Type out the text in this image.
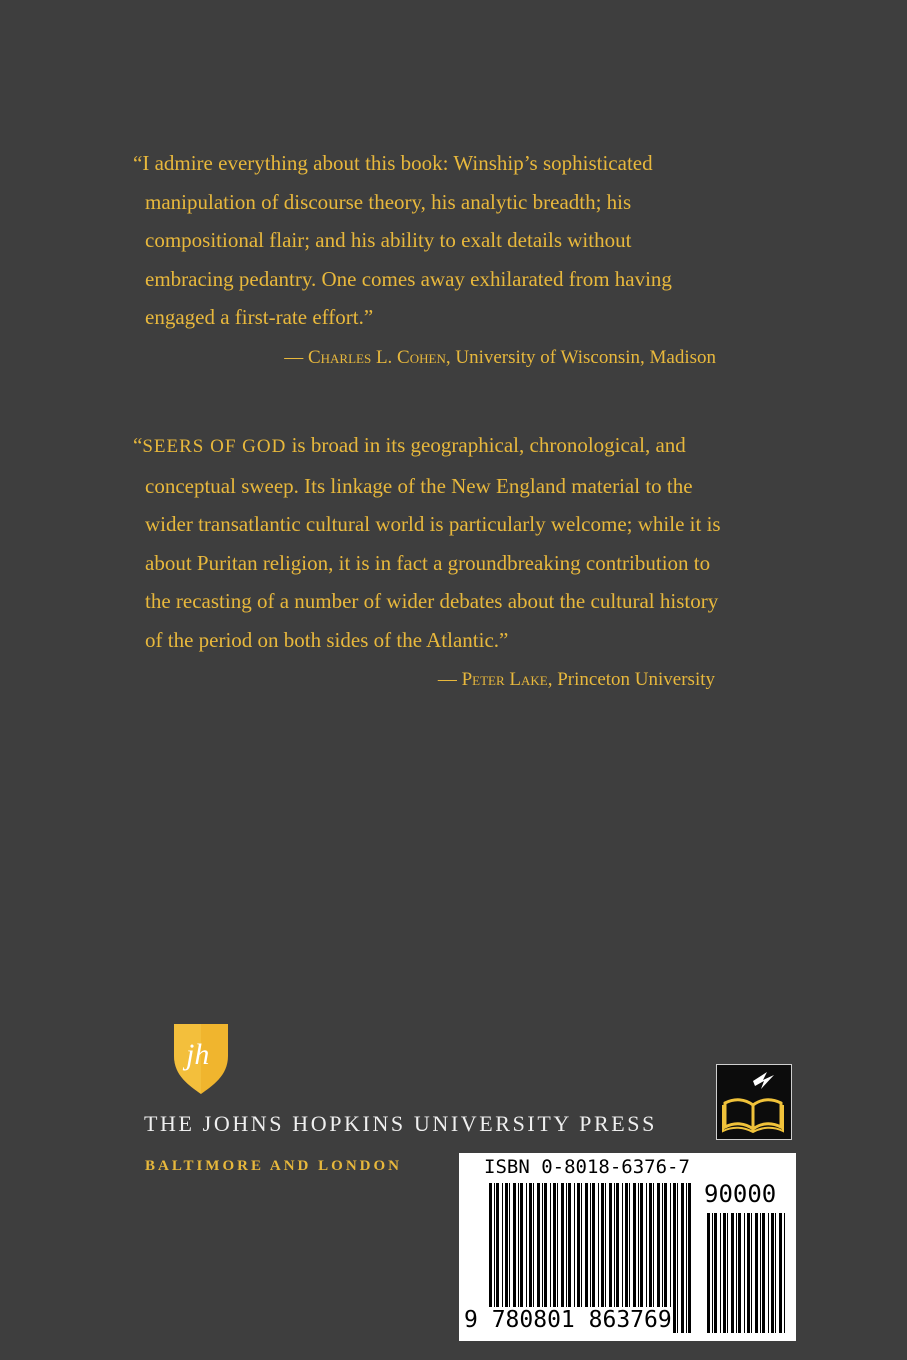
“I admire everything about this book: Winship’s sophisticated
manipulation of discourse theory, his analytic breadth; his
compositional flair; and his ability to exalt details without
embracing pedantry. One comes away exhilarated from having
engaged a first-rate effort.”
— Charles L. Cohen, University of Wisconsin, Madison
“SEERS OF GOD is broad in its geographical, chronological, and
conceptual sweep. Its linkage of the New England material to the
wider transatlantic cultural world is particularly welcome; while it is
about Puritan religion, it is in fact a groundbreaking contribution to
the recasting of a number of wider debates about the cultural history
of the period on both sides of the Atlantic.”
— Peter Lake, Princeton University
jh
THE JOHNS HOPKINS UNIVERSITY PRESS
BALTIMORE AND LONDON	ISBN 0-8018-6376-7
90000
9 780801 863769
